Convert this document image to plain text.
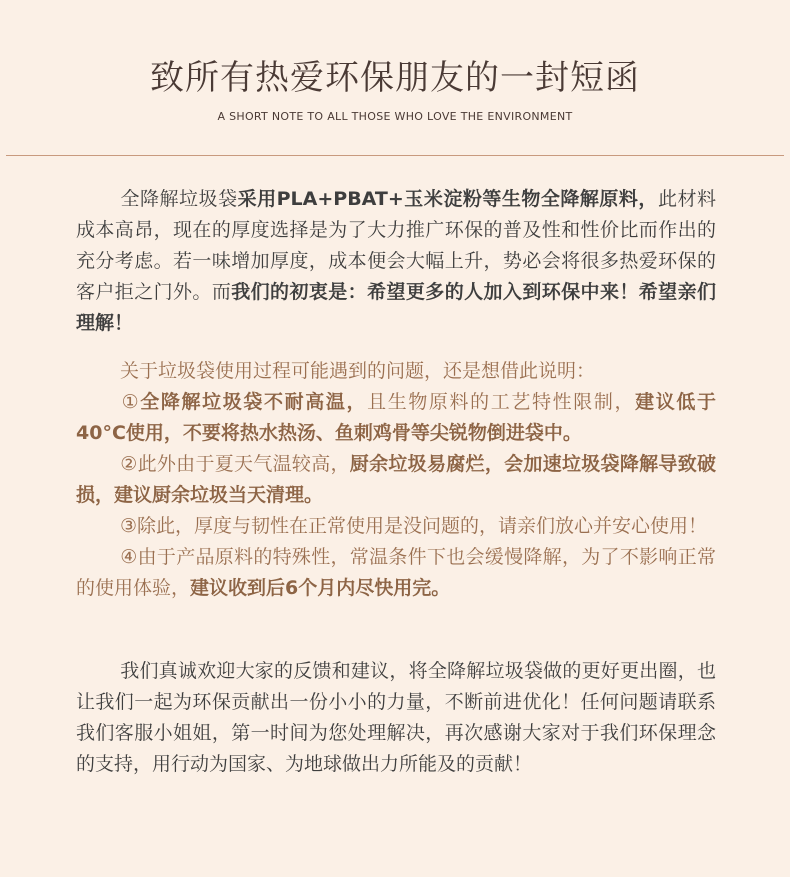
致所有热爱环保朋友的一封短函
A SHORT NOTE TO ALL THOSE WHO LOVE THE ENVIRONMENT

全降解垃圾袋采用PLA+PBAT+玉米淀粉等生物全降解原料，此材料成本高昂，现在的厚度选择是为了大力推广环保的普及性和性价比而作出的充分考虑。若一味增加厚度，成本便会大幅上升，势必会将很多热爱环保的客户拒之门外。而我们的初衷是：希望更多的人加入到环保中来！希望亲们理解！

关于垃圾袋使用过程可能遇到的问题，还是想借此说明：
①全降解垃圾袋不耐高温，且生物原料的工艺特性限制，建议低于40°C使用，不要将热水热汤、鱼刺鸡骨等尖锐物倒进袋中。
②此外由于夏天气温较高，厨余垃圾易腐烂，会加速垃圾袋降解导致破损，建议厨余垃圾当天清理。
③除此，厚度与韧性在正常使用是没问题的，请亲们放心并安心使用！
④由于产品原料的特殊性，常温条件下也会缓慢降解，为了不影响正常的使用体验，建议收到后6个月内尽快用完。

我们真诚欢迎大家的反馈和建议，将全降解垃圾袋做的更好更出圈，也让我们一起为环保贡献出一份小小的力量，不断前进优化！任何问题请联系我们客服小姐姐，第一时间为您处理解决，再次感谢大家对于我们环保理念的支持，用行动为国家、为地球做出力所能及的贡献！
